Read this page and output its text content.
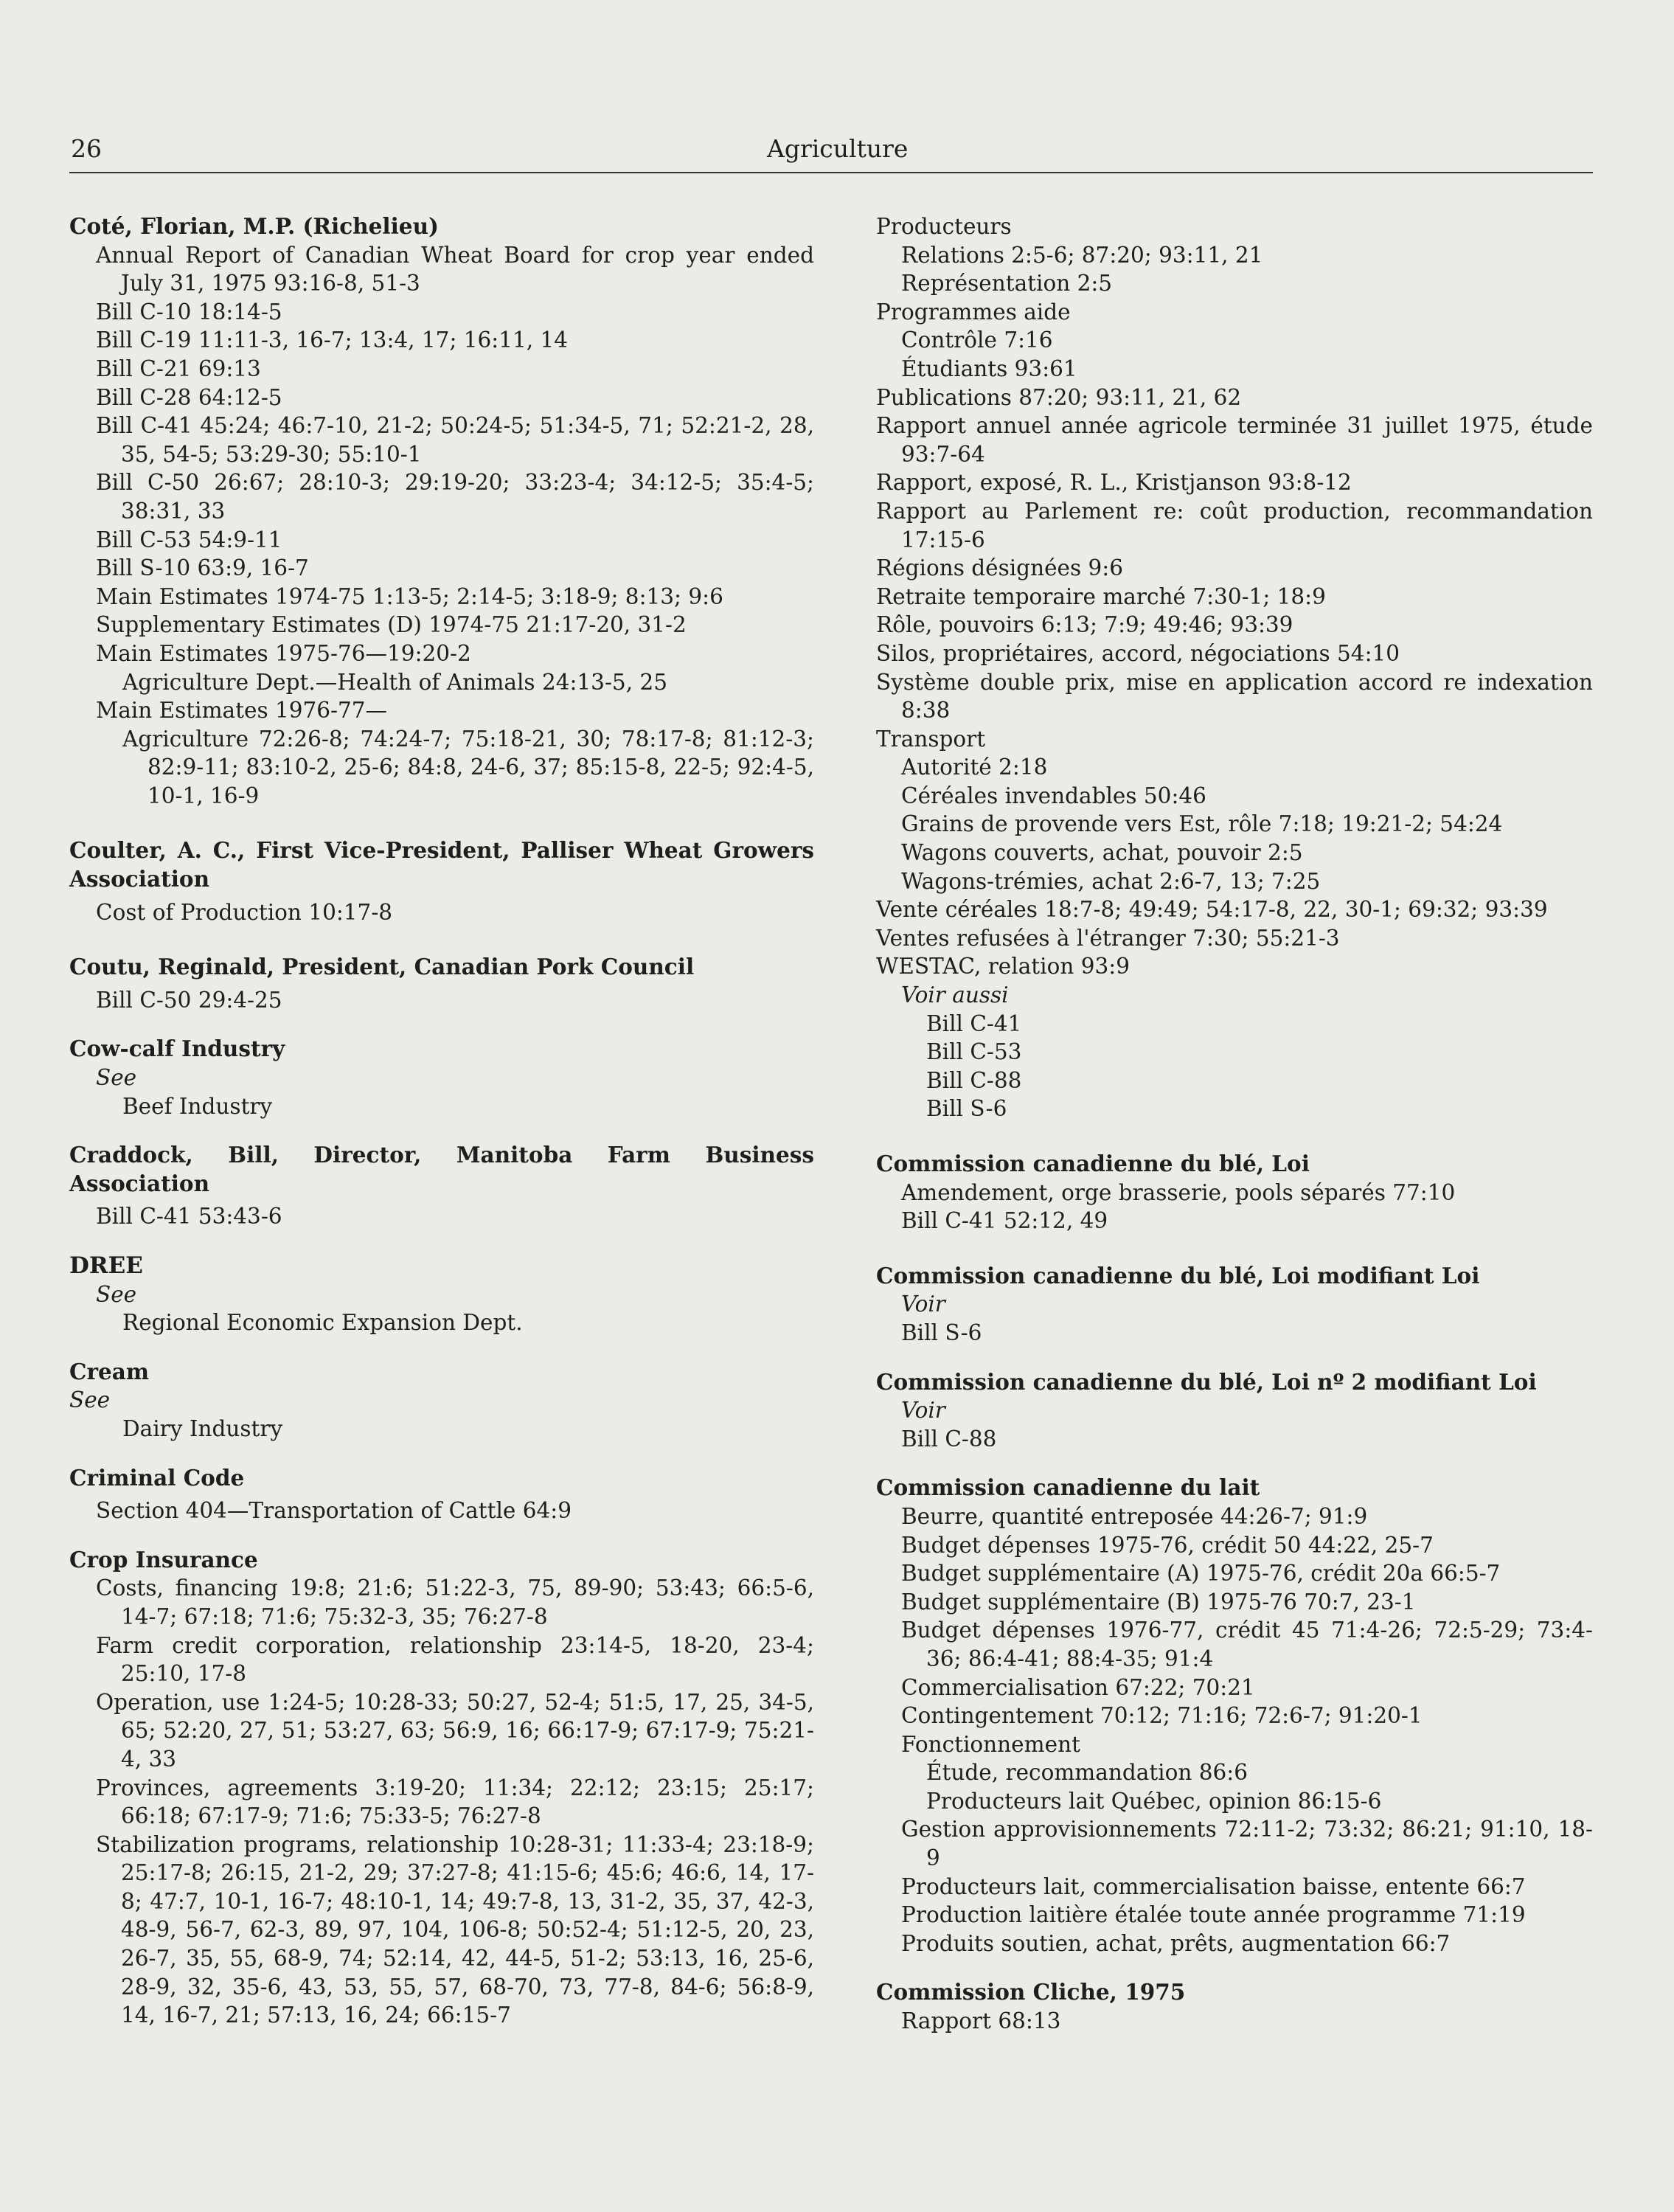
26	Agriculture
Coté, Florian, M.P. (Richelieu)
Annual Report of Canadian Wheat Board for crop year ended July 31, 1975 93:16-8, 51-3
Bill C-10 18:14-5
Bill C-19 11:11-3, 16-7; 13:4, 17; 16:11, 14
Bill C-21 69:13
Bill C-28 64:12-5
Bill C-41 45:24; 46:7-10, 21-2; 50:24-5; 51:34-5, 71; 52:21-2, 28, 35, 54-5; 53:29-30; 55:10-1
Bill C-50 26:67; 28:10-3; 29:19-20; 33:23-4; 34:12-5; 35:4-5; 38:31, 33
Bill C-53 54:9-11
Bill S-10 63:9, 16-7
Main Estimates 1974-75 1:13-5; 2:14-5; 3:18-9; 8:13; 9:6
Supplementary Estimates (D) 1974-75 21:17-20, 31-2
Main Estimates 1975-76—19:20-2
Agriculture Dept.—Health of Animals 24:13-5, 25
Main Estimates 1976-77—
Agriculture 72:26-8; 74:24-7; 75:18-21, 30; 78:17-8; 81:12-3; 82:9-11; 83:10-2, 25-6; 84:8, 24-6, 37; 85:15-8, 22-5; 92:4-5, 10-1, 16-9
Coulter, A. C., First Vice-President, Palliser Wheat Growers Association
Cost of Production 10:17-8
Coutu, Reginald, President, Canadian Pork Council
Bill C-50 29:4-25
Cow-calf Industry
See
Beef Industry
Craddock, Bill, Director, Manitoba Farm Business Association
Bill C-41 53:43-6
DREE
See
Regional Economic Expansion Dept.
Cream
See
Dairy Industry
Criminal Code
Section 404—Transportation of Cattle 64:9
Crop Insurance
Costs, financing 19:8; 21:6; 51:22-3, 75, 89-90; 53:43; 66:5-6, 14-7; 67:18; 71:6; 75:32-3, 35; 76:27-8
Farm credit corporation, relationship 23:14-5, 18-20, 23-4; 25:10, 17-8
Operation, use 1:24-5; 10:28-33; 50:27, 52-4; 51:5, 17, 25, 34-5, 65; 52:20, 27, 51; 53:27, 63; 56:9, 16; 66:17-9; 67:17-9; 75:21-4, 33
Provinces, agreements 3:19-20; 11:34; 22:12; 23:15; 25:17; 66:18; 67:17-9; 71:6; 75:33-5; 76:27-8
Stabilization programs, relationship 10:28-31; 11:33-4; 23:18-9; 25:17-8; 26:15, 21-2, 29; 37:27-8; 41:15-6; 45:6; 46:6, 14, 17-8; 47:7, 10-1, 16-7; 48:10-1, 14; 49:7-8, 13, 31-2, 35, 37, 42-3, 48-9, 56-7, 62-3, 89, 97, 104, 106-8; 50:52-4; 51:12-5, 20, 23, 26-7, 35, 55, 68-9, 74; 52:14, 42, 44-5, 51-2; 53:13, 16, 25-6, 28-9, 32, 35-6, 43, 53, 55, 57, 68-70, 73, 77-8, 84-6; 56:8-9, 14, 16-7, 21; 57:13, 16, 24; 66:15-7
Producteurs
Relations 2:5-6; 87:20; 93:11, 21
Représentation 2:5
Programmes aide
Contrôle 7:16
Étudiants 93:61
Publications 87:20; 93:11, 21, 62
Rapport annuel année agricole terminée 31 juillet 1975, étude 93:7-64
Rapport, exposé, R. L., Kristjanson 93:8-12
Rapport au Parlement re: coût production, recommandation 17:15-6
Régions désignées 9:6
Retraite temporaire marché 7:30-1; 18:9
Rôle, pouvoirs 6:13; 7:9; 49:46; 93:39
Silos, propriétaires, accord, négociations 54:10
Système double prix, mise en application accord re indexation 8:38
Transport
Autorité 2:18
Céréales invendables 50:46
Grains de provende vers Est, rôle 7:18; 19:21-2; 54:24
Wagons couverts, achat, pouvoir 2:5
Wagons-trémies, achat 2:6-7, 13; 7:25
Vente céréales 18:7-8; 49:49; 54:17-8, 22, 30-1; 69:32; 93:39
Ventes refusées à l'étranger 7:30; 55:21-3
WESTAC, relation 93:9
Voir aussi
Bill C-41
Bill C-53
Bill C-88
Bill S-6
Commission canadienne du blé, Loi
Amendement, orge brasserie, pools séparés 77:10
Bill C-41 52:12, 49
Commission canadienne du blé, Loi modifiant Loi
Voir
Bill S-6
Commission canadienne du blé, Loi nº 2 modifiant Loi
Voir
Bill C-88
Commission canadienne du lait
Beurre, quantité entreposée 44:26-7; 91:9
Budget dépenses 1975-76, crédit 50 44:22, 25-7
Budget supplémentaire (A) 1975-76, crédit 20a 66:5-7
Budget supplémentaire (B) 1975-76 70:7, 23-1
Budget dépenses 1976-77, crédit 45 71:4-26; 72:5-29; 73:4-36; 86:4-41; 88:4-35; 91:4
Commercialisation 67:22; 70:21
Contingentement 70:12; 71:16; 72:6-7; 91:20-1
Fonctionnement
Étude, recommandation 86:6
Producteurs lait Québec, opinion 86:15-6
Gestion approvisionnements 72:11-2; 73:32; 86:21; 91:10, 18-9
Producteurs lait, commercialisation baisse, entente 66:7
Production laitière étalée toute année programme 71:19
Produits soutien, achat, prêts, augmentation 66:7
Commission Cliche, 1975
Rapport 68:13
